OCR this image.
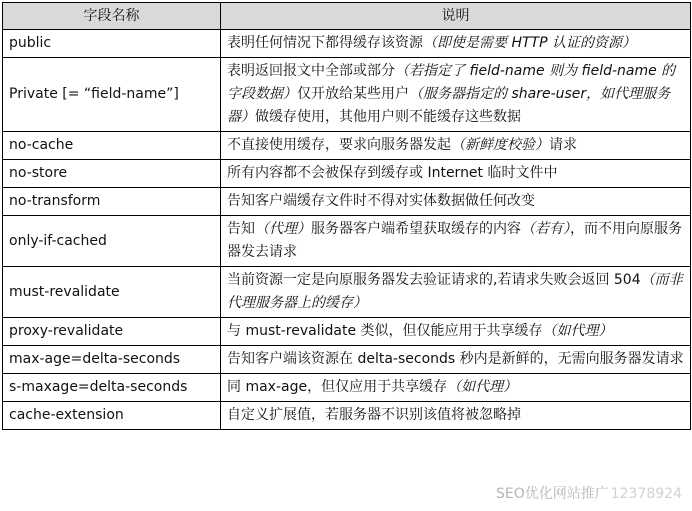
字段名称	说明
public	表明任何情况下都得缓存该资源（即使是需要 HTTP 认证的资源）
Private [= “field-name”]	表明返回报文中全部或部分（若指定了 field-name 则为 field-name 的字段数据）仅开放给某些用户（服务器指定的 share-user，如代理服务器）做缓存使用，其他用户则不能缓存这些数据
no-cache	不直接使用缓存，要求向服务器发起（新鲜度校验）请求
no-store	所有内容都不会被保存到缓存或 Internet 临时文件中
no-transform	告知客户端缓存文件时不得对实体数据做任何改变
only-if-cached	告知（代理）服务器客户端希望获取缓存的内容（若有），而不用向原服务器发去请求
must-revalidate	当前资源一定是向原服务器发去验证请求的,若请求失败会返回 504（而非代理服务器上的缓存）
proxy-revalidate	与 must-revalidate 类似，但仅能应用于共享缓存（如代理）
max-age=delta-seconds	告知客户端该资源在 delta-seconds 秒内是新鲜的，无需向服务器发请求
s-maxage=delta-seconds	同 max-age，但仅应用于共享缓存（如代理）
cache-extension	自定义扩展值，若服务器不识别该值将被忽略掉
SEO优化网站推广 12378924
